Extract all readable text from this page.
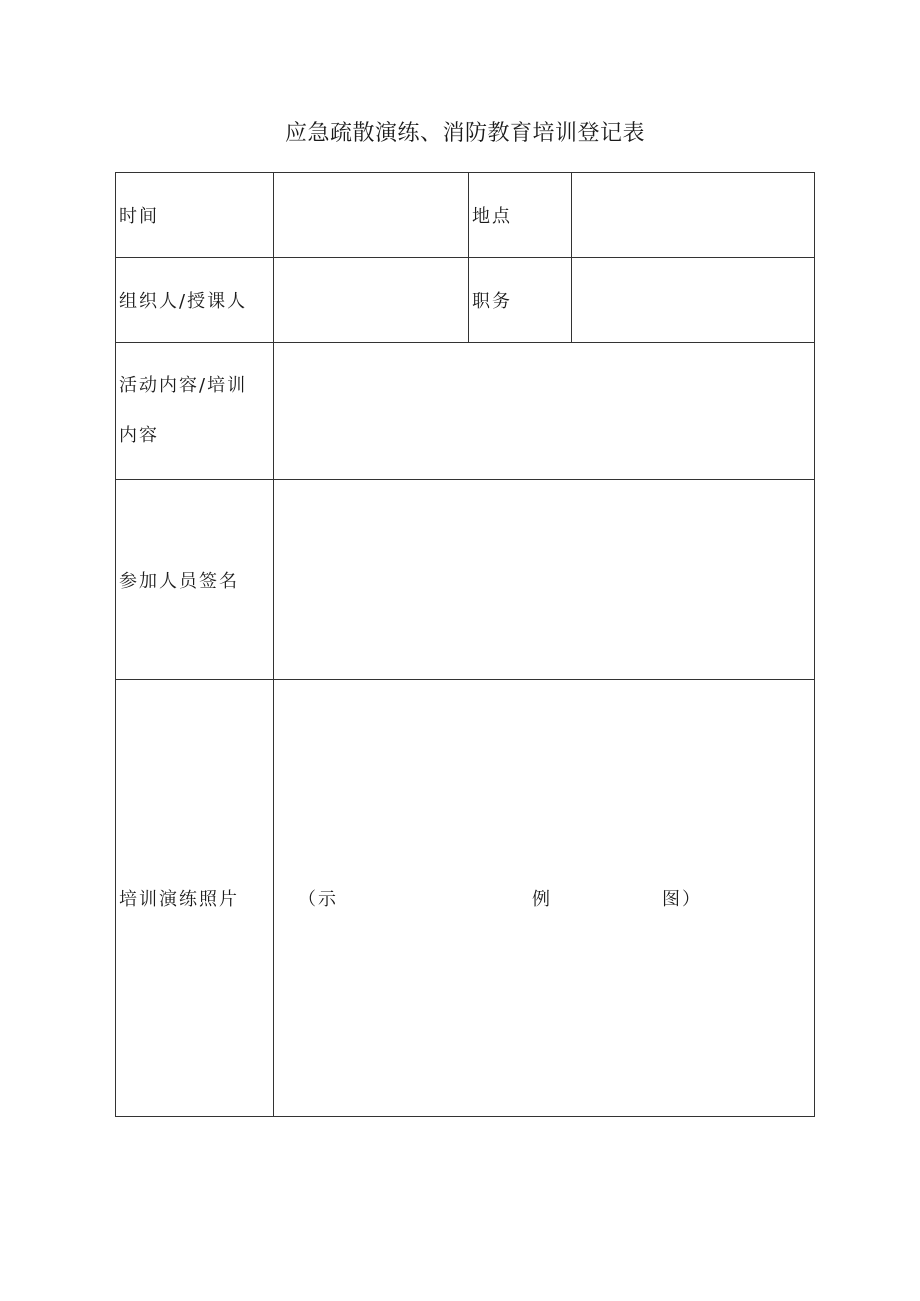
应急疏散演练、消防教育培训登记表
时间		地点	
组织人/授课人		职务	

活动内容/培训
内容			

参加人员签名			
培训演练照片	（示 例 图）		
